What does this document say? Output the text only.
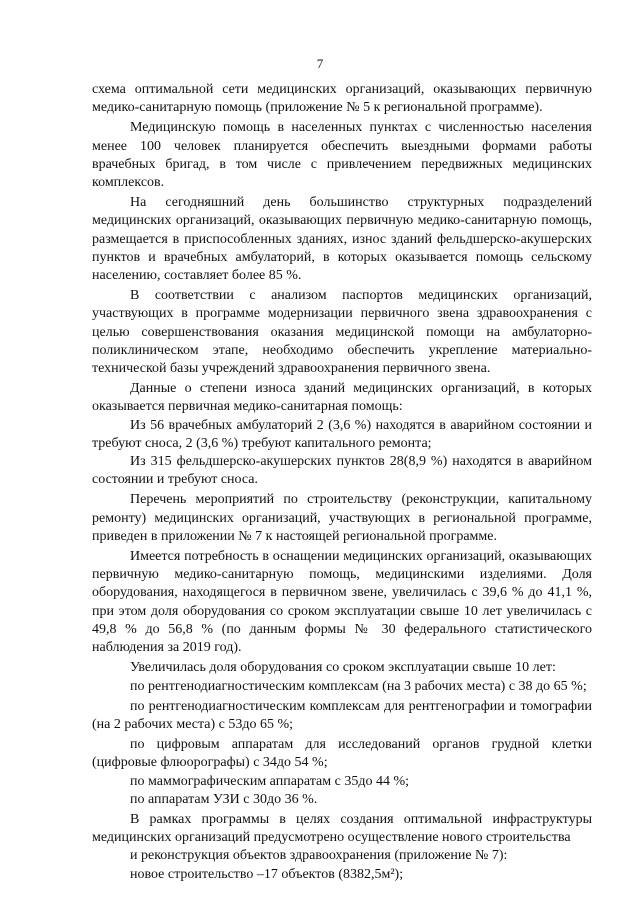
7

схема оптимальной сети медицинских организаций, оказывающих первичную медико-санитарную помощь (приложение № 5 к региональной программе).

Медицинскую помощь в населенных пунктах с численностью населения менее 100 человек планируется обеспечить выездными формами работы врачебных бригад, в том числе с привлечением передвижных медицинских комплексов.

На сегодняшний день большинство структурных подразделений медицинских организаций, оказывающих первичную медико-санитарную помощь, размещается в приспособленных зданиях, износ зданий фельдшерско-акушерских пунктов и врачебных амбулаторий, в которых оказывается помощь сельскому населению, составляет более 85 %.

В соответствии с анализом паспортов медицинских организаций, участвующих в программе модернизации первичного звена здравоохранения с целью совершенствования оказания медицинской помощи на амбулаторно-поликлиническом этапе, необходимо обеспечить укрепление материально-технической базы учреждений здравоохранения первичного звена.

Данные о степени износа зданий медицинских организаций, в которых оказывается первичная медико-санитарная помощь:

Из 56 врачебных амбулаторий 2 (3,6 %) находятся в аварийном состоянии и требуют сноса, 2 (3,6 %) требуют капитального ремонта;

Из 315 фельдшерско-акушерских пунктов 28(8,9 %) находятся в аварийном состоянии и требуют сноса.

Перечень мероприятий по строительству (реконструкции, капитальному ремонту) медицинских организаций, участвующих в региональной программе, приведен в приложении № 7 к настоящей региональной программе.

Имеется потребность в оснащении медицинских организаций, оказывающих первичную медико-санитарную помощь, медицинскими изделиями. Доля оборудования, находящегося в первичном звене, увеличилась с 39,6 % до 41,1 %, при этом доля оборудования со сроком эксплуатации свыше 10 лет увеличилась с 49,8 % до 56,8 % (по данным формы № 30 федерального статистического наблюдения за 2019 год).

Увеличилась доля оборудования со сроком эксплуатации свыше 10 лет:

по рентгенодиагностическим комплексам (на 3 рабочих места) с 38 до 65 %;

по рентгенодиагностическим комплексам для рентгенографии и томографии (на 2 рабочих места) с 53до 65 %;

по цифровым аппаратам для исследований органов грудной клетки (цифровые флюорографы) с 34до 54 %;

по маммографическим аппаратам с 35до 44 %;

по аппаратам УЗИ с 30до 36 %.

В рамках программы в целях создания оптимальной инфраструктуры медицинских организаций предусмотрено осуществление нового строительства

и реконструкция объектов здравоохранения (приложение № 7):

новое строительство –17 объектов (8382,5м²);
